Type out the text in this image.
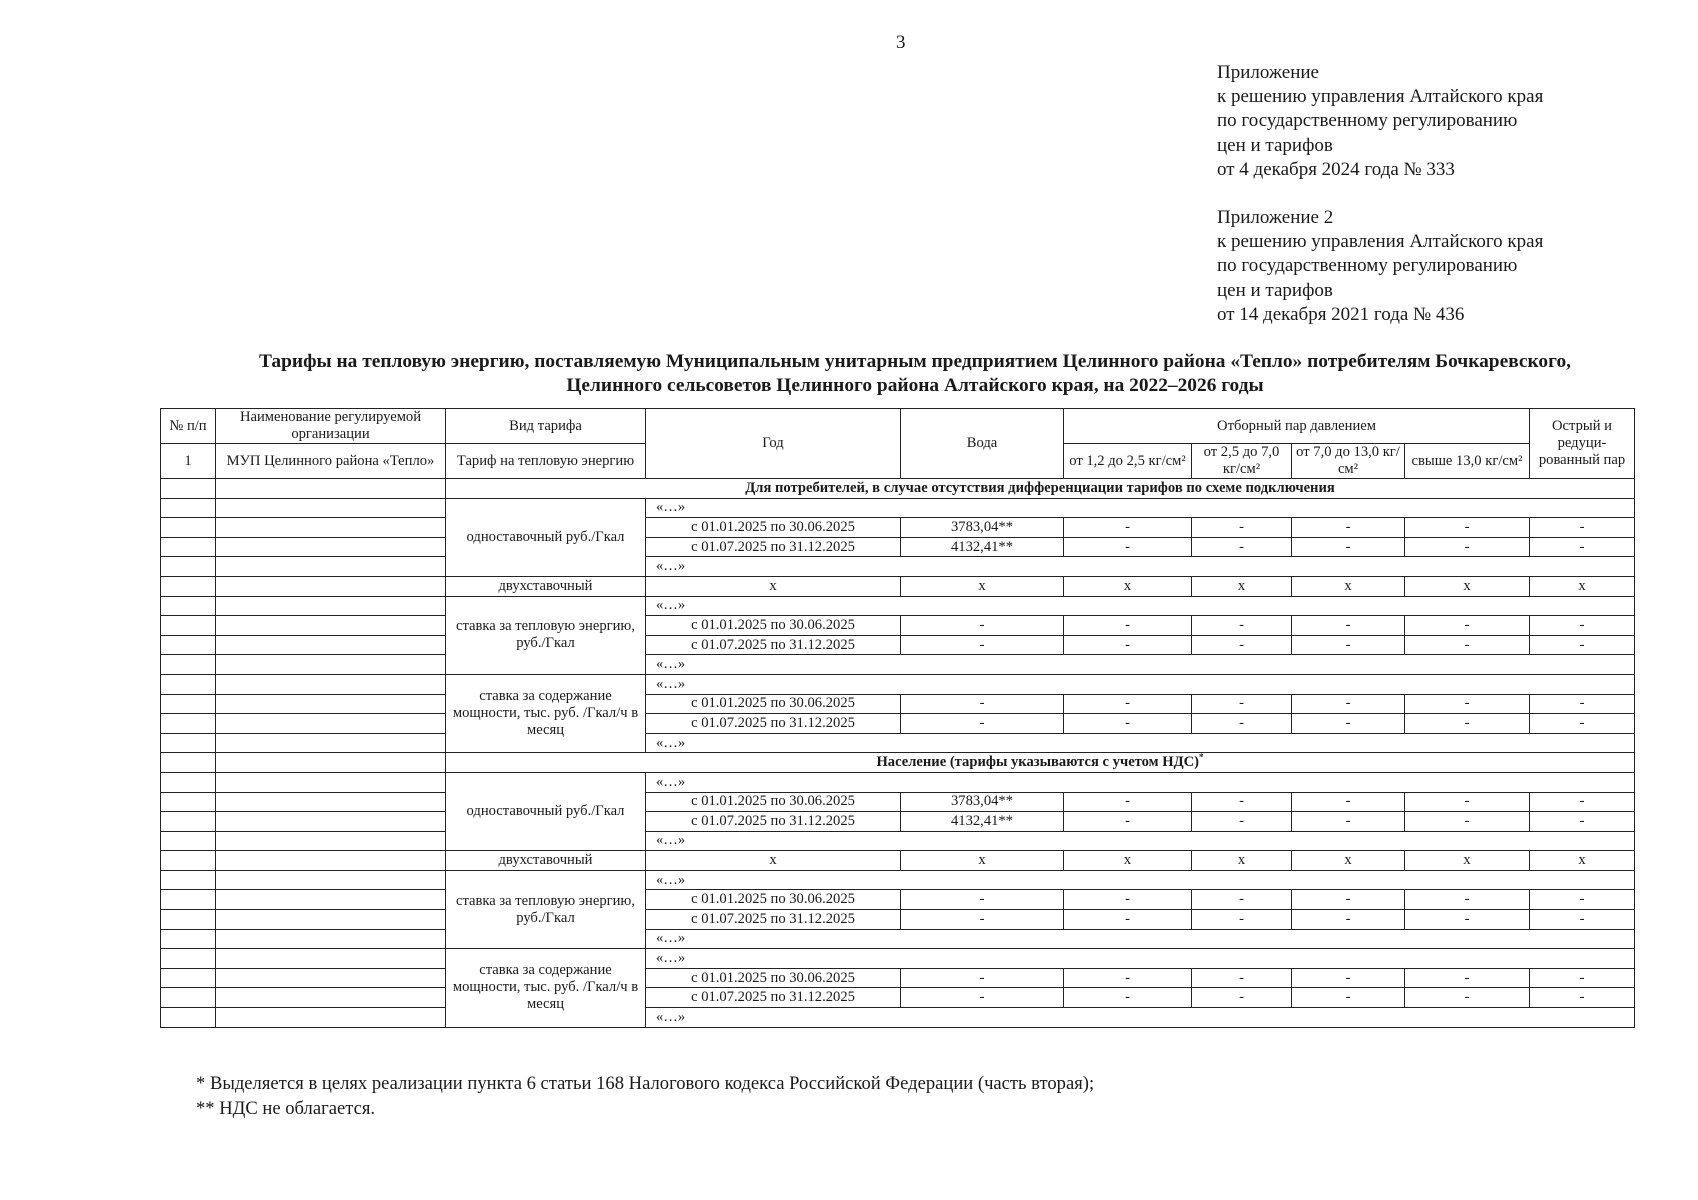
3
Приложение
к решению управления Алтайского края
по государственному регулированию
цен и тарифов
от 4 декабря 2024 года № 333
Приложение 2
к решению управления Алтайского края
по государственному регулированию
цен и тарифов
от 14 декабря 2021 года № 436
Тарифы на тепловую энергию, поставляемую Муниципальным унитарным предприятием Целинного района «Тепло» потребителям Бочкаревского,
Целинного сельсоветов Целинного района Алтайского края, на 2022–2026 годы
№ п/п	Наименование регулируемой организации	Вид тарифа	Год	Вода	Отборный пар давлением				Острый и редуци-рованный пар
1	МУП Целинного района «Тепло»	Тариф на тепловую энергию			от 1,2 до 2,5 кг/см²	от 2,5 до 7,0 кг/см²	от 7,0 до 13,0 кг/см²	свыше 13,0 кг/см²	
		Для потребителей, в случае отсутствия дифференциации тарифов по схеме подключения							
		одноставочный руб./Гкал	«…»						
			с 01.01.2025 по 30.06.2025	3783,04**	-	-	-	-	-
			с 01.07.2025 по 31.12.2025	4132,41**	-	-	-	-	-
			«…»						
		двухставочный	х	х	х	х	х	х	х
		ставка за тепловую энергию, руб./Гкал	«…»						
			с 01.01.2025 по 30.06.2025	-	-	-	-	-	-
			с 01.07.2025 по 31.12.2025	-	-	-	-	-	-
			«…»						
		ставка за содержание мощности, тыс. руб. /Гкал/ч в месяц	«…»						
			с 01.01.2025 по 30.06.2025	-	-	-	-	-	-
			с 01.07.2025 по 31.12.2025	-	-	-	-	-	-
			«…»						
		Население (тарифы указываются с учетом НДС)*
		одноставочный руб./Гкал	«…»						
			с 01.01.2025 по 30.06.2025	3783,04**	-	-	-	-	-
			с 01.07.2025 по 31.12.2025	4132,41**	-	-	-	-	-
			«…»						
		двухставочный	х	х	х	х	х	х	х
		ставка за тепловую энергию, руб./Гкал	«…»						
			с 01.01.2025 по 30.06.2025	-	-	-	-	-	-
			с 01.07.2025 по 31.12.2025	-	-	-	-	-	-
			«…»						
		ставка за содержание мощности, тыс. руб. /Гкал/ч в месяц	«…»						
			с 01.01.2025 по 30.06.2025	-	-	-	-	-	-
			с 01.07.2025 по 31.12.2025	-	-	-	-	-	-
			«…»						
* Выделяется в целях реализации пункта 6 статьи 168 Налогового кодекса Российской Федерации (часть вторая);
** НДС не облагается.
